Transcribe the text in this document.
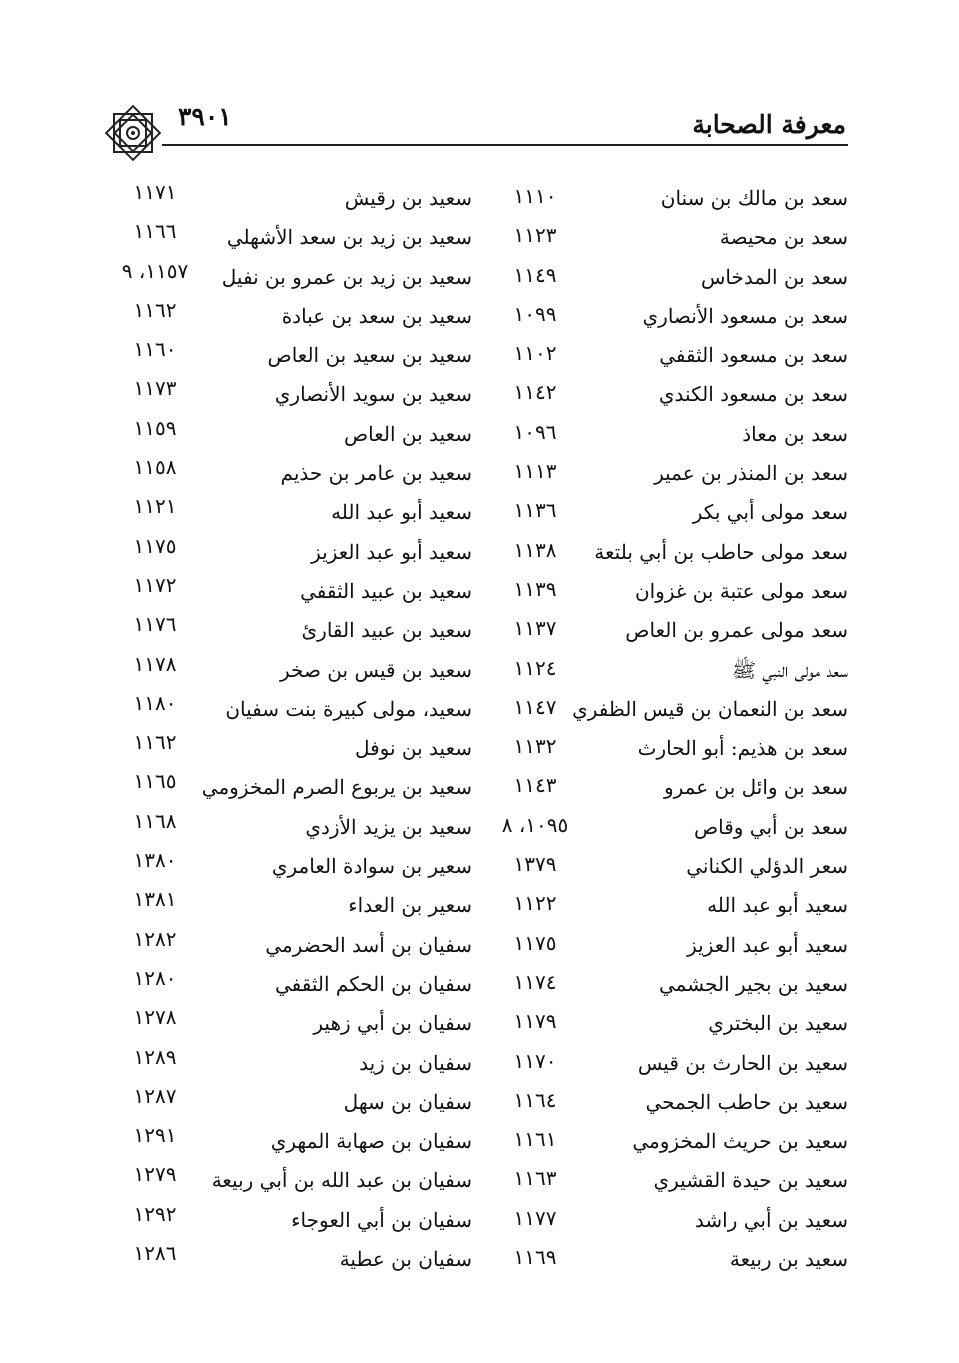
٣٩٠١	معرفة الصحابة
سعد بن مالك بن سنان
١١١٠
سعيد بن رقيش
١١٧١
سعد بن محيصة
١١٢٣
سعيد بن زيد بن سعد الأشهلي
١١٦٦
سعد بن المدخاس
١١٤٩
سعيد بن زيد بن عمرو بن نفيل
١١٥٧، ٩
سعد بن مسعود الأنصاري
١٠٩٩
سعيد بن سعد بن عبادة
١١٦٢
سعد بن مسعود الثقفي
١١٠٢
سعيد بن سعيد بن العاص
١١٦٠
سعد بن مسعود الكندي
١١٤٢
سعيد بن سويد الأنصاري
١١٧٣
سعد بن معاذ
١٠٩٦
سعيد بن العاص
١١٥٩
سعد بن المنذر بن عمير
١١١٣
سعيد بن عامر بن حذيم
١١٥٨
سعد مولى أبي بكر
١١٣٦
سعيد أبو عبد الله
١١٢١
سعد مولى حاطب بن أبي بلتعة
١١٣٨
سعيد أبو عبد العزيز
١١٧٥
سعد مولى عتبة بن غزوان
١١٣٩
سعيد بن عبيد الثقفي
١١٧٢
سعد مولى عمرو بن العاص
١١٣٧
سعيد بن عبيد القارئ
١١٧٦
سعد مولى النبي ﷺ
١١٢٤
سعيد بن قيس بن صخر
١١٧٨
سعد بن النعمان بن قيس الظفري
١١٤٧
سعيد، مولى كبيرة بنت سفيان
١١٨٠
سعد بن هذيم: أبو الحارث
١١٣٢
سعيد بن نوفل
١١٦٢
سعد بن وائل بن عمرو
١١٤٣
سعيد بن يربوع الصرم المخزومي
١١٦٥
سعد بن أبي وقاص
١٠٩٥، ٨
سعيد بن يزيد الأزدي
١١٦٨
سعر الدؤلي الكناني
١٣٧٩
سعير بن سوادة العامري
١٣٨٠
سعيد أبو عبد الله
١١٢٢
سعير بن العداء
١٣٨١
سعيد أبو عبد العزيز
١١٧٥
سفيان بن أسد الحضرمي
١٢٨٢
سعيد بن بجير الجشمي
١١٧٤
سفيان بن الحكم الثقفي
١٢٨٠
سعيد بن البختري
١١٧٩
سفيان بن أبي زهير
١٢٧٨
سعيد بن الحارث بن قيس
١١٧٠
سفيان بن زيد
١٢٨٩
سعيد بن حاطب الجمحي
١١٦٤
سفيان بن سهل
١٢٨٧
سعيد بن حريث المخزومي
١١٦١
سفيان بن صهابة المهري
١٢٩١
سعيد بن حيدة القشيري
١١٦٣
سفيان بن عبد الله بن أبي ربيعة
١٢٧٩
سعيد بن أبي راشد
١١٧٧
سفيان بن أبي العوجاء
١٢٩٢
سعيد بن ربيعة
١١٦٩
سفيان بن عطية
١٢٨٦
